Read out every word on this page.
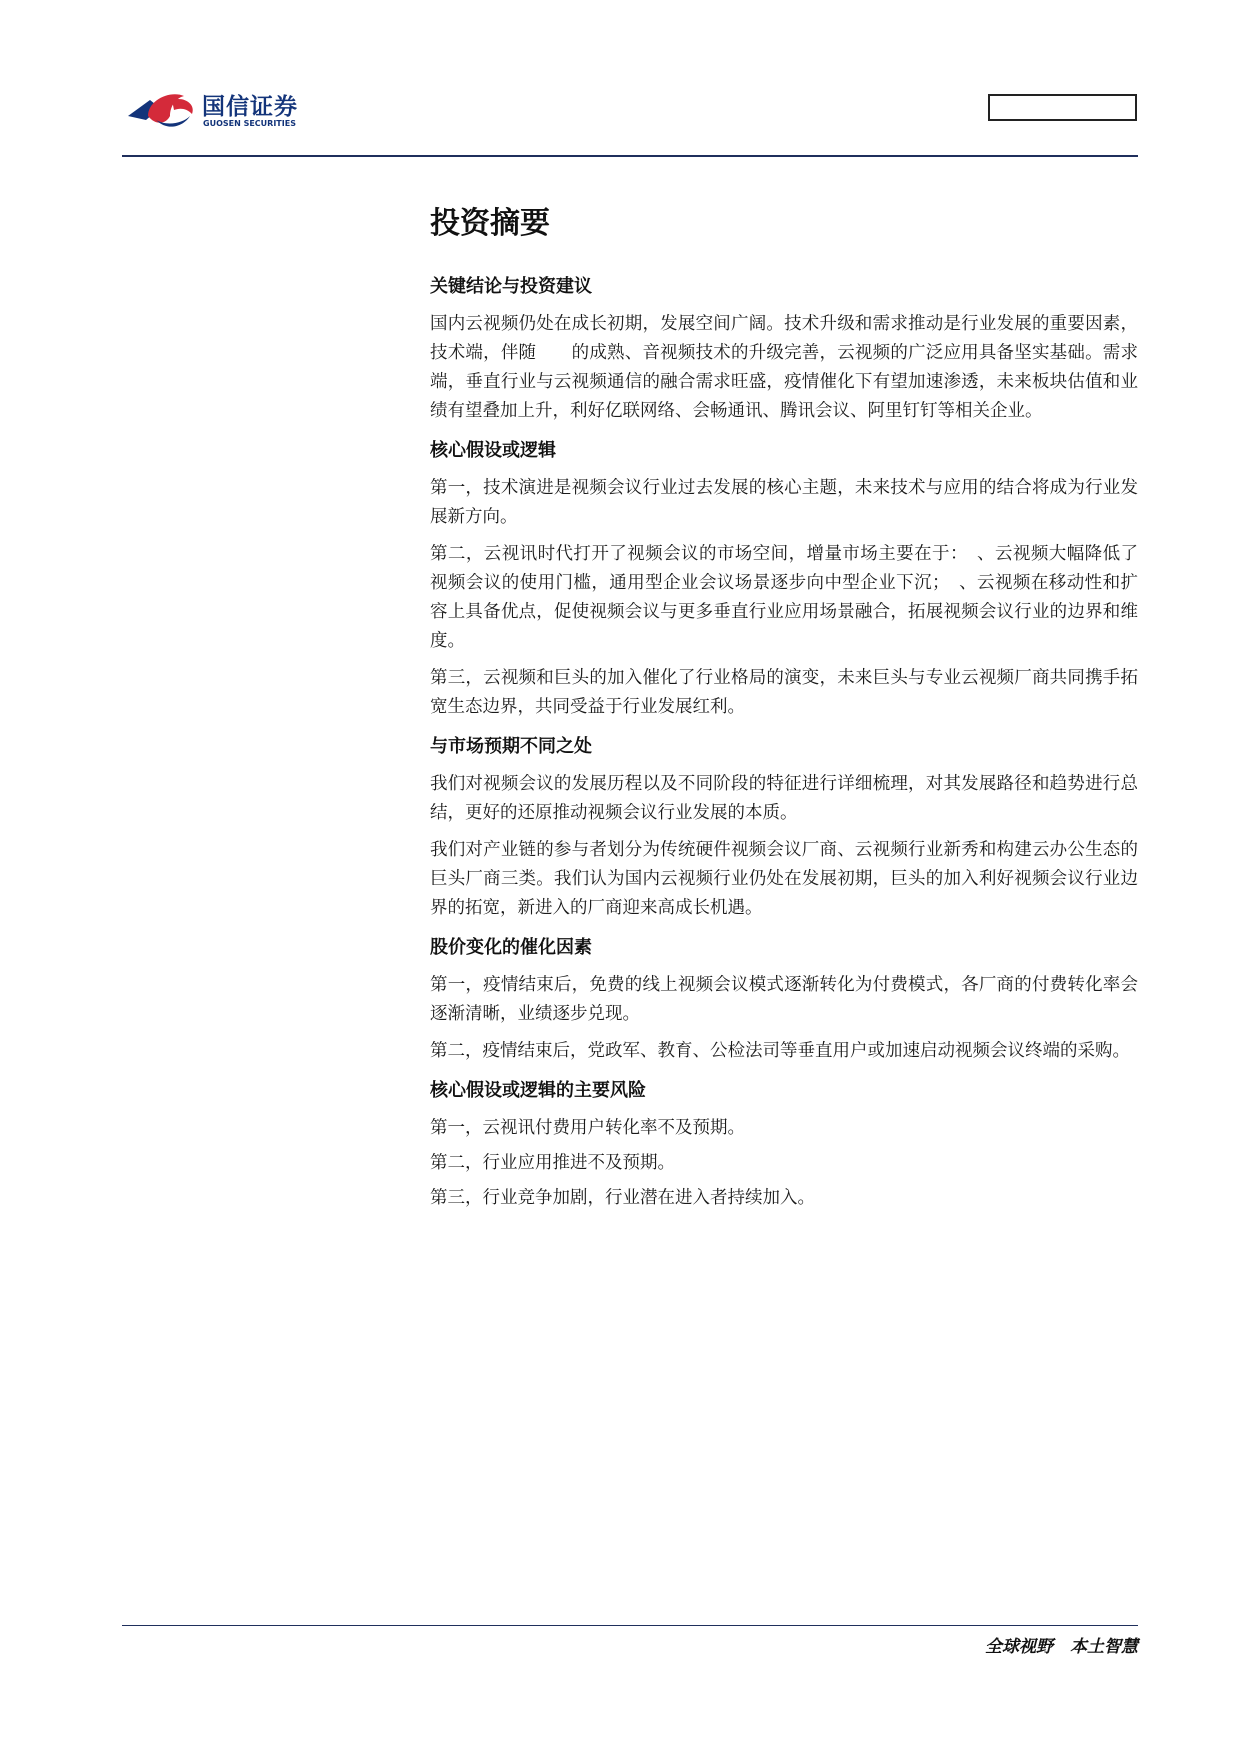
国信证券
GUOSEN SECURITIES
投资摘要
关键结论与投资建议

国内云视频仍处在成长初期，发展空间广阔。技术升级和需求推动是行业发展的重要因素，技术端，伴随　　的成熟、音视频技术的升级完善，云视频的广泛应用具备坚实基础。需求端，垂直行业与云视频通信的融合需求旺盛，疫情催化下有望加速渗透，未来板块估值和业绩有望叠加上升，利好亿联网络、会畅通讯、腾讯会议、阿里钉钉等相关企业。

核心假设或逻辑

第一，技术演进是视频会议行业过去发展的核心主题，未来技术与应用的结合将成为行业发展新方向。

第二，云视讯时代打开了视频会议的市场空间，增量市场主要在于：　、云视频大幅降低了视频会议的使用门槛，通用型企业会议场景逐步向中型企业下沉；　、云视频在移动性和扩容上具备优点，促使视频会议与更多垂直行业应用场景融合，拓展视频会议行业的边界和维度。

第三，云视频和巨头的加入催化了行业格局的演变，未来巨头与专业云视频厂商共同携手拓宽生态边界，共同受益于行业发展红利。

与市场预期不同之处

我们对视频会议的发展历程以及不同阶段的特征进行详细梳理，对其发展路径和趋势进行总结，更好的还原推动视频会议行业发展的本质。

我们对产业链的参与者划分为传统硬件视频会议厂商、云视频行业新秀和构建云办公生态的巨头厂商三类。我们认为国内云视频行业仍处在发展初期，巨头的加入利好视频会议行业边界的拓宽，新进入的厂商迎来高成长机遇。

股价变化的催化因素

第一，疫情结束后，免费的线上视频会议模式逐渐转化为付费模式，各厂商的付费转化率会逐渐清晰，业绩逐步兑现。

第二，疫情结束后，党政军、教育、公检法司等垂直用户或加速启动视频会议终端的采购。

核心假设或逻辑的主要风险

第一，云视讯付费用户转化率不及预期。

第二，行业应用推进不及预期。

第三，行业竞争加剧，行业潜在进入者持续加入。

全球视野　本土智慧
